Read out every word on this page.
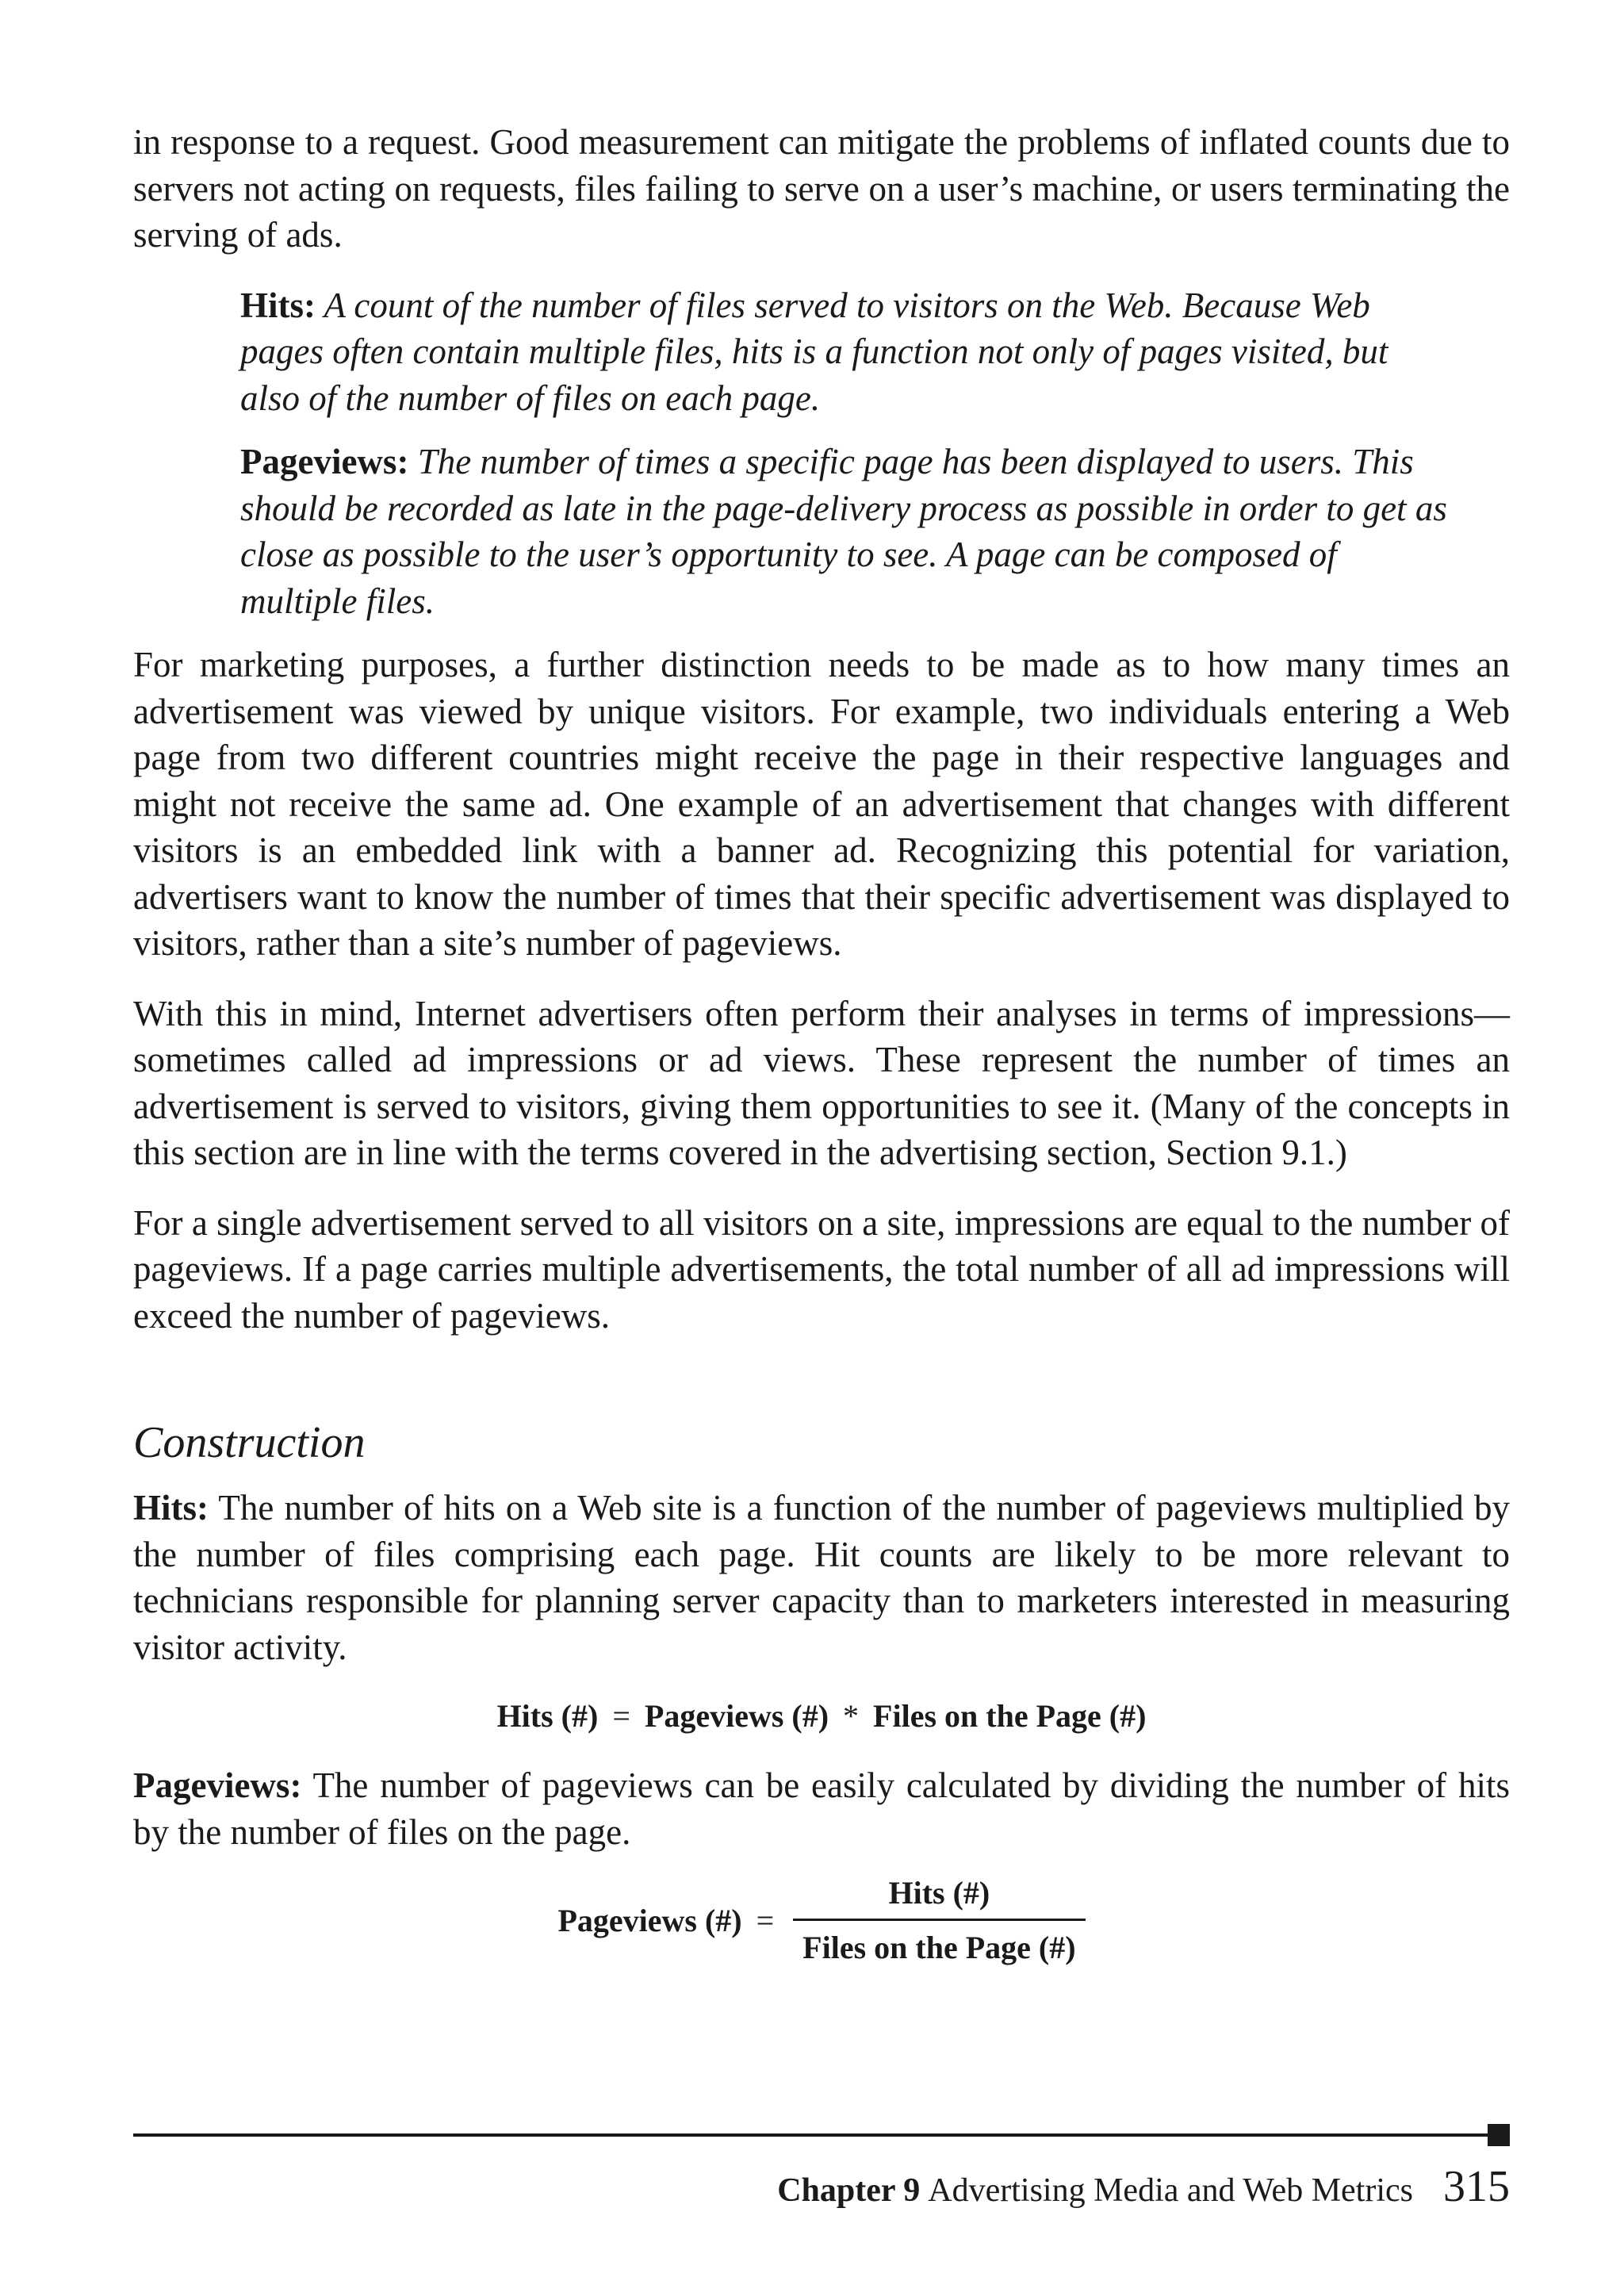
in response to a request. Good measurement can mitigate the problems of inflated counts due to servers not acting on requests, files failing to serve on a user’s machine, or users terminating the serving of ads.

Hits: A count of the number of files served to visitors on the Web. Because Web pages often contain multiple files, hits is a function not only of pages visited, but also of the number of files on each page.
Pageviews: The number of times a specific page has been displayed to users. This should be recorded as late in the page-delivery process as possible in order to get as close as possible to the user’s opportunity to see. A page can be composed of multiple files.

For marketing purposes, a further distinction needs to be made as to how many times an advertisement was viewed by unique visitors. For example, two individuals entering a Web page from two different countries might receive the page in their respective languages and might not receive the same ad. One example of an advertisement that changes with different visitors is an embedded link with a banner ad. Recognizing this potential for variation, advertisers want to know the number of times that their specific advertisement was displayed to visitors, rather than a site’s number of pageviews.

With this in mind, Internet advertisers often perform their analyses in terms of impressions—sometimes called ad impressions or ad views. These represent the number of times an advertisement is served to visitors, giving them opportunities to see it. (Many of the concepts in this section are in line with the terms covered in the advertising section, Section 9.1.)

For a single advertisement served to all visitors on a site, impressions are equal to the number of pageviews. If a page carries multiple advertisements, the total number of all ad impressions will exceed the number of pageviews.

Construction

Hits: The number of hits on a Web site is a function of the number of pageviews multiplied by the number of files comprising each page. Hit counts are likely to be more relevant to technicians responsible for planning server capacity than to marketers interested in measuring visitor activity.

Hits (#) = Pageviews (#) * Files on the Page (#)

Pageviews: The number of pageviews can be easily calculated by dividing the number of hits by the number of files on the page.

Pageviews (#) = $\frac{\text{Hits (\#)}}{\text{Files on the Page (\#)}}$
Chapter 9 Advertising Media and Web Metrics 315
